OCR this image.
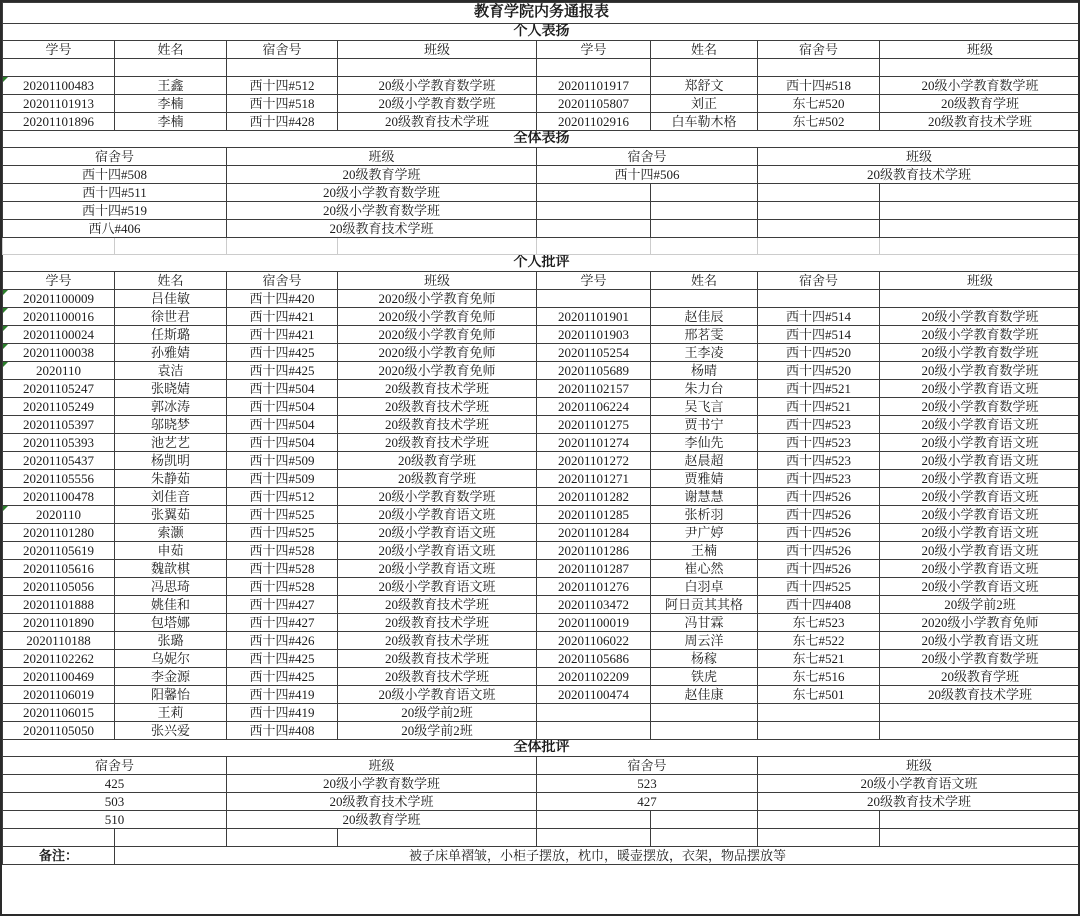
教育学院内务通报表							
个人表扬							
学号	姓名	宿舍号	班级	学号	姓名	宿舍号	班级

20201100483	王鑫	西十四#512	20级小学教育数学班	20201101917	郑舒文	西十四#518	20级小学教育数学班
20201101913	李楠	西十四#518	20级小学教育数学班	20201105807	刘正	东七#520	20级教育学班
20201101896	李楠	西十四#428	20级教育技术学班	20201102916	白车勒木格	东七#502	20级教育技术学班
全体表扬							
宿舍号		班级		宿舍号		班级	
西十四#508		20级教育学班		西十四#506		20级教育技术学班	
西十四#511		20级小学教育数学班					
西十四#519		20级小学教育数学班					
西八#406		20级教育技术学班					

个人批评							
学号	姓名	宿舍号	班级	学号	姓名	宿舍号	班级
20201100009	吕佳敏	西十四#420	2020级小学教育免师				
20201100016	徐世君	西十四#421	2020级小学教育免师	20201101901	赵佳辰	西十四#514	20级小学教育数学班
20201100024	任斯璐	西十四#421	2020级小学教育免师	20201101903	邢茗雯	西十四#514	20级小学教育数学班
20201100038	孙雅婧	西十四#425	2020级小学教育免师	20201105254	王李凌	西十四#520	20级小学教育数学班
2020110	袁洁	西十四#425	2020级小学教育免师	20201105689	杨晴	西十四#520	20级小学教育数学班
20201105247	张晓婧	西十四#504	20级教育技术学班	20201102157	朱力台	西十四#521	20级小学教育语文班
20201105249	郭冰涛	西十四#504	20级教育技术学班	20201106224	吴飞言	西十四#521	20级小学教育数学班
20201105397	邬晓梦	西十四#504	20级教育技术学班	20201101275	贾书宁	西十四#523	20级小学教育语文班
20201105393	池艺艺	西十四#504	20级教育技术学班	20201101274	李仙先	西十四#523	20级小学教育语文班
20201105437	杨凯明	西十四#509	20级教育学班	20201101272	赵晨超	西十四#523	20级小学教育语文班
20201105556	朱静茹	西十四#509	20级教育学班	20201101271	贾雅婧	西十四#523	20级小学教育语文班
20201100478	刘佳音	西十四#512	20级小学教育数学班	20201101282	谢慧慧	西十四#526	20级小学教育语文班
2020110	张翼茹	西十四#525	20级小学教育语文班	20201101285	张析羽	西十四#526	20级小学教育语文班
20201101280	索灏	西十四#525	20级小学教育语文班	20201101284	尹广婷	西十四#526	20级小学教育语文班
20201105619	申茹	西十四#528	20级小学教育语文班	20201101286	王楠	西十四#526	20级小学教育语文班
20201105616	魏歆棋	西十四#528	20级小学教育语文班	20201101287	崔心然	西十四#526	20级小学教育语文班
20201105056	冯思琦	西十四#528	20级小学教育语文班	20201101276	白羽卓	西十四#525	20级小学教育语文班
20201101888	姚佳和	西十四#427	20级教育技术学班	20201103472	阿日贡其其格	西十四#408	20级学前2班
20201101890	包塔娜	西十四#427	20级教育技术学班	20201100019	冯甘霖	东七#523	2020级小学教育免师
2020110188	张璐	西十四#426	20级教育技术学班	20201106022	周云洋	东七#522	20级小学教育语文班
20201102262	乌妮尔	西十四#425	20级教育技术学班	20201105686	杨稼	东七#521	20级小学教育数学班
20201100469	李金源	西十四#425	20级教育技术学班	20201102209	铁虎	东七#516	20级教育学班
20201106019	阳馨怡	西十四#419	20级小学教育语文班	20201100474	赵佳康	东七#501	20级教育技术学班
20201106015	王莉	西十四#419	20级学前2班				
20201105050	张兴爱	西十四#408	20级学前2班				
全体批评							
宿舍号		班级		宿舍号		班级	
425		20级小学教育数学班		523		20级小学教育语文班	
503		20级教育技术学班		427		20级教育技术学班	
510		20级教育学班					

备注：	被子床单褶皱，小柜子摆放，枕巾，暖壶摆放，衣架，物品摆放等						
